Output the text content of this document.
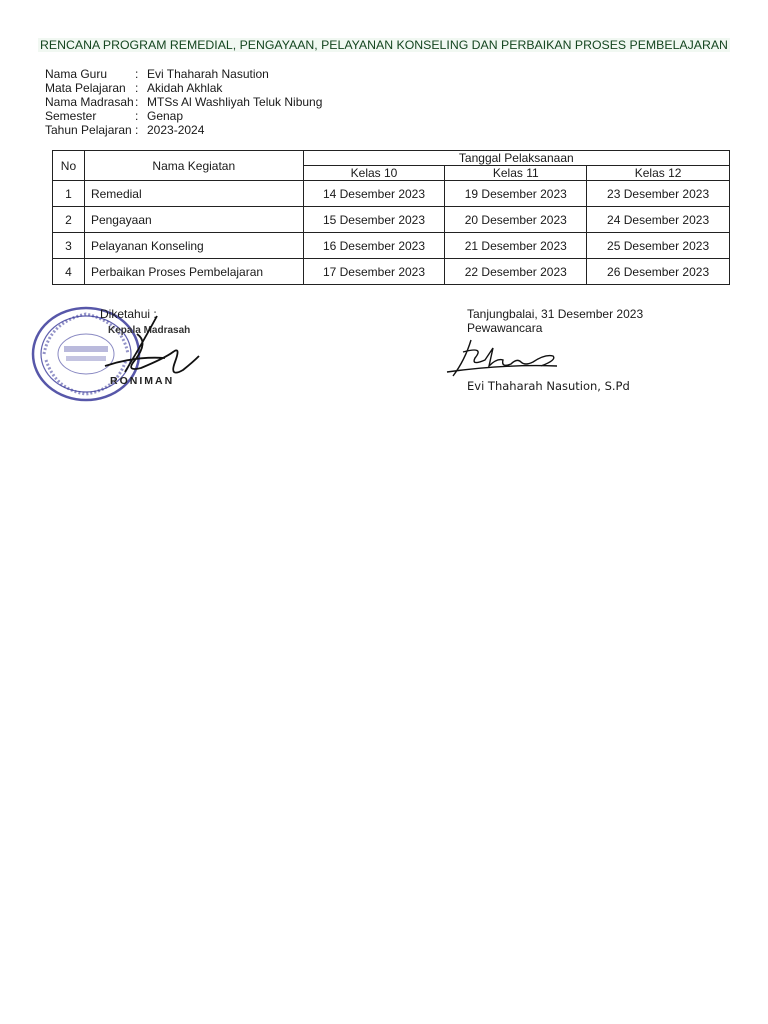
RENCANA PROGRAM REMEDIAL, PENGAYAAN, PELAYANAN KONSELING DAN PERBAIKAN PROSES PEMBELAJARAN
Nama Guru	: Evi Thaharah Nasution
Mata Pelajaran : Akidah Akhlak
Nama Madrasah : MTSs Al Washliyah Teluk Nibung
Semester	: Genap
Tahun Pelajaran : 2023-2024
No	Nama Kegiatan	Tanggal Pelaksanaan		
		Kelas 10	Kelas 11	Kelas 12
1	Remedial	14 Desember 2023	19 Desember 2023	23 Desember 2023
2	Pengayaan	15 Desember 2023	20 Desember 2023	24 Desember 2023
3	Pelayanan Konseling	16 Desember 2023	21 Desember 2023	25 Desember 2023
4	Perbaikan Proses Pembelajaran	17 Desember 2023	22 Desember 2023	26 Desember 2023
Diketahui :
Kepala Madrasah
RONIMAN
Tanjungbalai, 31 Desember 2023
Pewawancara
Evi Thaharah Nasution, S.Pd
